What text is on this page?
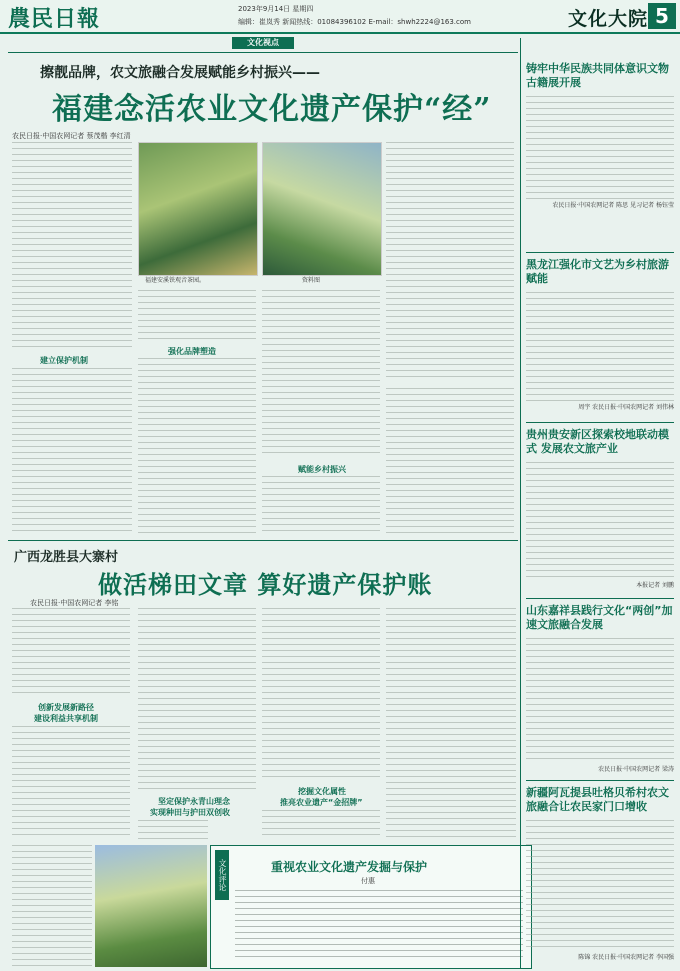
農民日報	2023年9月14日 星期四
编辑：崔岚秀 新闻热线：01084396102 E-mail：shwh2224@163.com	文化大院 5
文化视点
擦靓品牌，农文旅融合发展赋能乡村振兴——
福建念活农业文化遗产保护“经”
农民日报·中国农网记者 蔡茂楷 李红清
福建安溪铁观音茶园。	资料图
建立保护机制
强化品牌塑造
赋能乡村振兴
广西龙胜县大寨村
做活梯田文章 算好遗产保护账
农民日报·中国农网记者 李铭
创新发展新路径
建设利益共享机制
坚定保护永青山理念
实现种田与护田双创收
挖掘文化属性
推亮农业遗产“金招牌”
文化评论	重视农业文化遗产发掘与保护
付惠
铸牢中华民族共同体意识文物古籍展开展
农民日报·中国农网记者 陈思 见习记者 杨钰莹
黑龙江强化市文艺为乡村旅游赋能
周宇 农民日报·中国农网记者 刘伟林
贵州贵安新区探索校地联动模式 发展农文旅产业
本报记者 刘鹏
山东嘉祥县践行文化“两创”加速文旅融合发展
农民日报·中国农网记者 梁涛
新疆阿瓦提县吐格贝希村农文旅融合让农民家门口增收
陈锦 农民日报·中国农网记者 李国强
